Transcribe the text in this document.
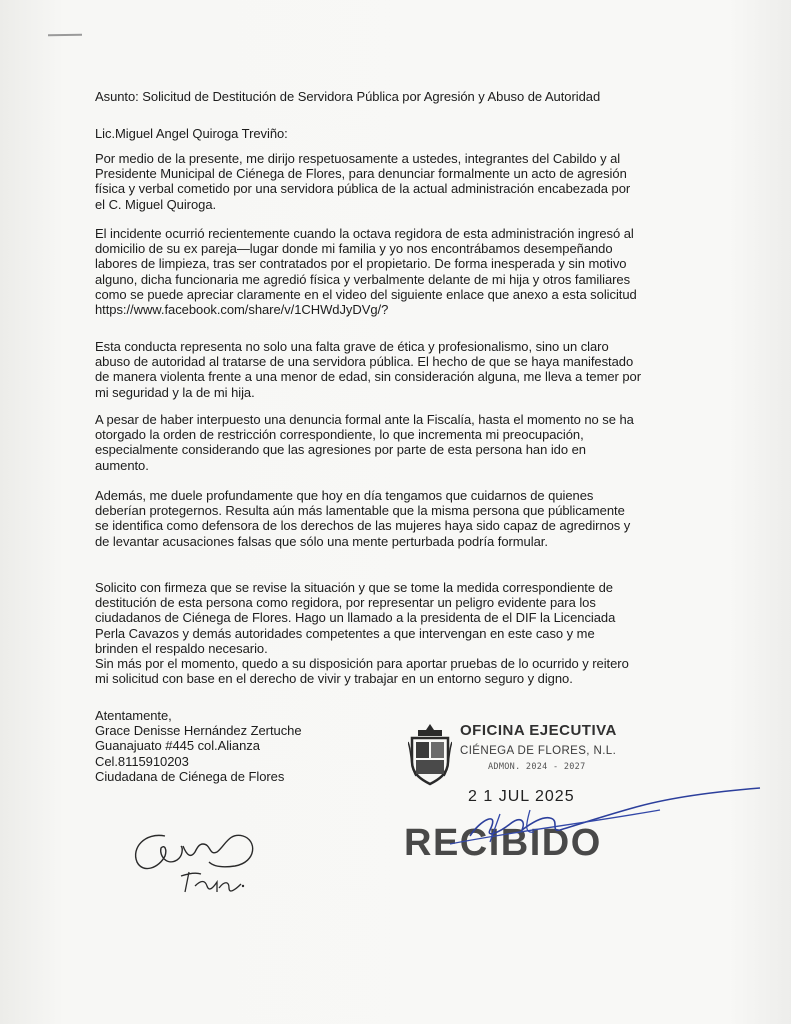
Asunto: Solicitud de Destitución de Servidora Pública por Agresión y Abuso de Autoridad
Lic.Miguel Angel Quiroga Treviño:
Por medio de la presente, me dirijo respetuosamente a ustedes, integrantes del Cabildo y al
Presidente Municipal de Ciénega de Flores, para denunciar formalmente un acto de agresión
física y verbal cometido por una servidora pública de la actual administración encabezada por
el C. Miguel Quiroga.
El incidente ocurrió recientemente cuando la octava regidora de esta administración ingresó al
domicilio de su ex pareja—lugar donde mi familia y yo nos encontrábamos desempeñando
labores de limpieza, tras ser contratados por el propietario. De forma inesperada y sin motivo
alguno, dicha funcionaria me agredió física y verbalmente delante de mi hija y otros familiares
como se puede apreciar claramente en el video del siguiente enlace que anexo a esta solicitud
https://www.facebook.com/share/v/1CHWdJyDVg/?
Esta conducta representa no solo una falta grave de ética y profesionalismo, sino un claro
abuso de autoridad al tratarse de una servidora pública. El hecho de que se haya manifestado
de manera violenta frente a una menor de edad, sin consideración alguna, me lleva a temer por
mi seguridad y la de mi hija.
A pesar de haber interpuesto una denuncia formal ante la Fiscalía, hasta el momento no se ha
otorgado la orden de restricción correspondiente, lo que incrementa mi preocupación,
especialmente considerando que las agresiones por parte de esta persona han ido en
aumento.
Además, me duele profundamente que hoy en día tengamos que cuidarnos de quienes
deberían protegernos. Resulta aún más lamentable que la misma persona que públicamente
se identifica como defensora de los derechos de las mujeres haya sido capaz de agredirnos y
de levantar acusaciones falsas que sólo una mente perturbada podría formular.
Solicito con firmeza que se revise la situación y que se tome la medida correspondiente de
destitución de esta persona como regidora, por representar un peligro evidente para los
ciudadanos de Ciénega de Flores. Hago un llamado a la presidenta de el DIF la Licenciada
Perla Cavazos y demás autoridades competentes a que intervengan en este caso y me
brinden el respaldo necesario.
Sin más por el momento, quedo a su disposición para aportar pruebas de lo ocurrido y reitero
mi solicitud con base en el derecho de vivir y trabajar en un entorno seguro y digno.
Atentamente,
Grace Denisse Hernández Zertuche
Guanajuato #445 col.Alianza
Cel.8115910203
Ciudadana de Ciénega de Flores
OFICINA EJECUTIVA
CIÉNEGA DE FLORES, N.L.
ADMON. 2024 - 2027
2 1 JUL 2025
RECIBIDO
